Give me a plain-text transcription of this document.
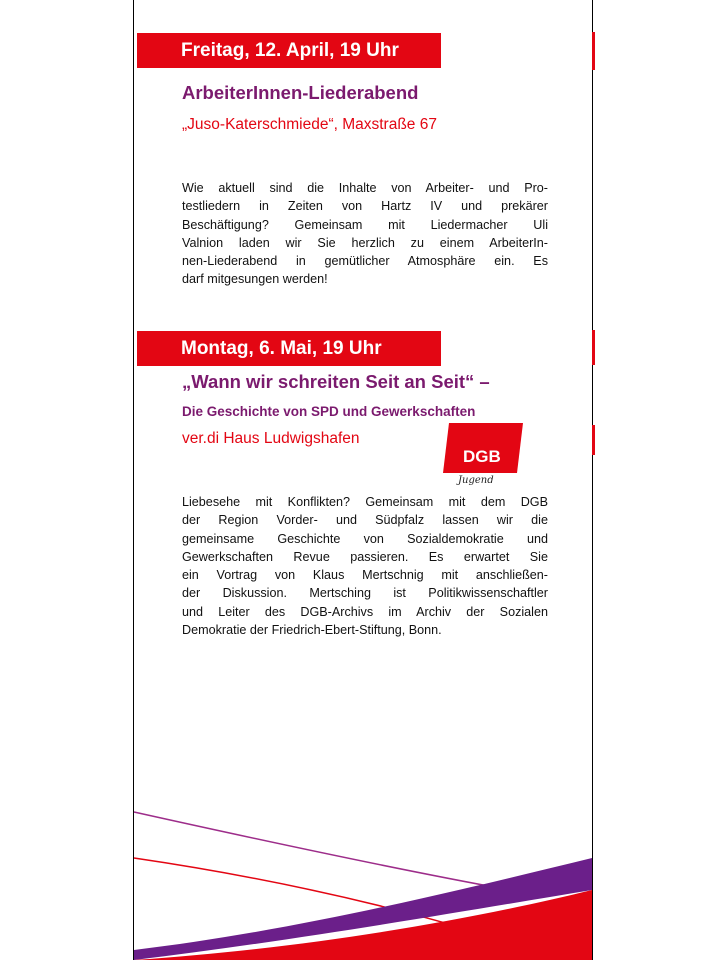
Freitag, 12. April, 19 Uhr
ArbeiterInnen-Liederabend
„Juso-Katerschmiede“, Maxstraße 67
Wie aktuell sind die Inhalte von Arbeiter- und Pro-
testliedern in Zeiten von Hartz IV und prekärer
Beschäftigung? Gemeinsam mit Liedermacher Uli
Valnion laden wir Sie herzlich zu einem ArbeiterIn-
nen-Liederabend in gemütlicher Atmosphäre ein. Es
darf mitgesungen werden!
Montag, 6. Mai, 19 Uhr
„Wann wir schreiten Seit an Seit“ –
Die Geschichte von SPD und Gewerkschaften
ver.di Haus Ludwigshafen
DGB
Jugend
Liebesehe mit Konflikten? Gemeinsam mit dem DGB
der Region Vorder- und Südpfalz lassen wir die
gemeinsame Geschichte von Sozialdemokratie und
Gewerkschaften Revue passieren. Es erwartet Sie
ein Vortrag von Klaus Mertschnig mit anschließen-
der Diskussion. Mertsching ist Politikwissenschaftler
und Leiter des DGB-Archivs im Archiv der Sozialen
Demokratie der Friedrich-Ebert-Stiftung, Bonn.
